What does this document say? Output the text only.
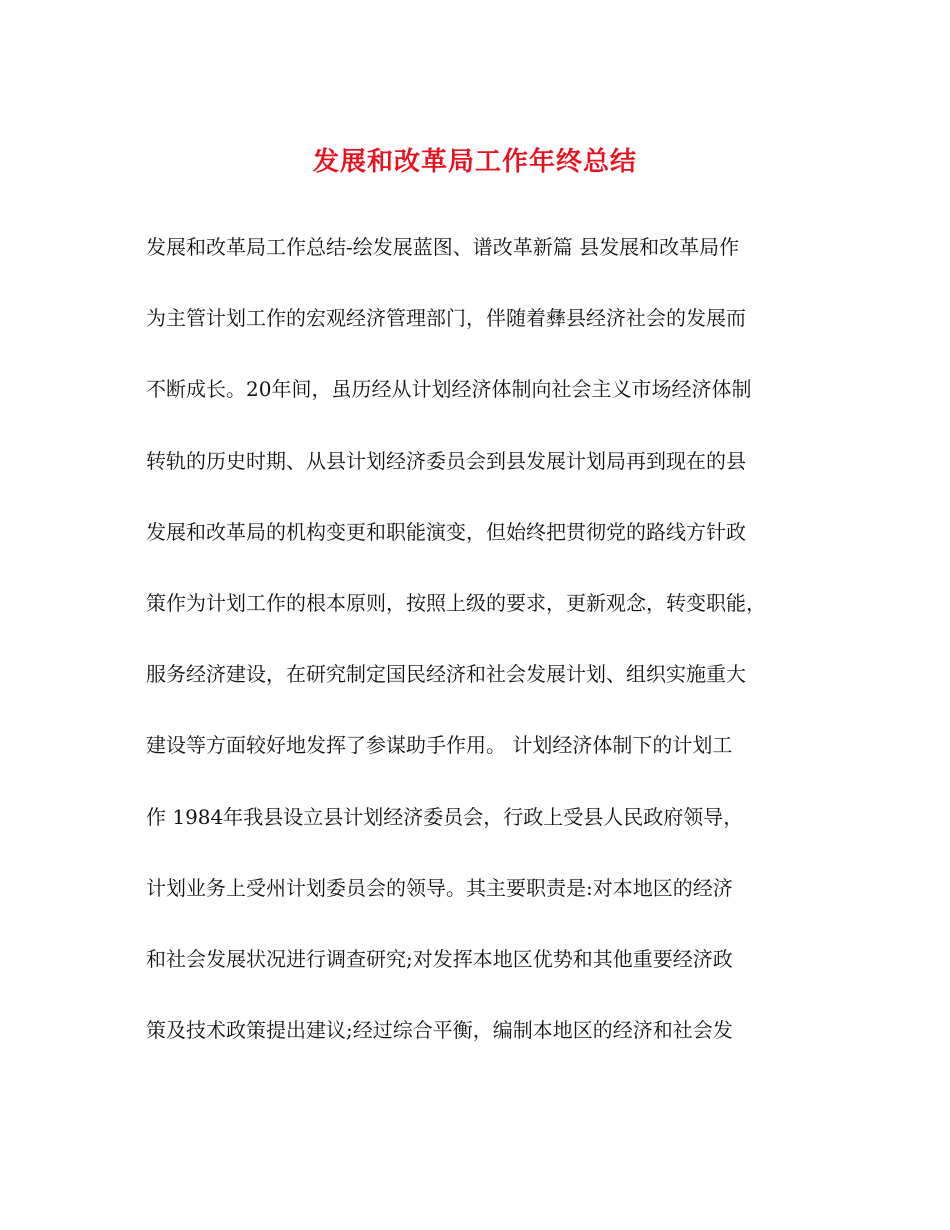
发展和改革局工作年终总结
发展和改革局工作总结-绘发展蓝图、谱改革新篇 县发展和改革局作
为主管计划工作的宏观经济管理部门，伴随着彝县经济社会的发展而
不断成长。20年间，虽历经从计划经济体制向社会主义市场经济体制
转轨的历史时期、从县计划经济委员会到县发展计划局再到现在的县
发展和改革局的机构变更和职能演变，但始终把贯彻党的路线方针政
策作为计划工作的根本原则，按照上级的要求，更新观念，转变职能，
服务经济建设，在研究制定国民经济和社会发展计划、组织实施重大
建设等方面较好地发挥了参谋助手作用。 计划经济体制下的计划工
作 1984年我县设立县计划经济委员会，行政上受县人民政府领导，
计划业务上受州计划委员会的领导。其主要职责是:对本地区的经济
和社会发展状况进行调查研究;对发挥本地区优势和其他重要经济政
策及技术政策提出建议;经过综合平衡，编制本地区的经济和社会发
